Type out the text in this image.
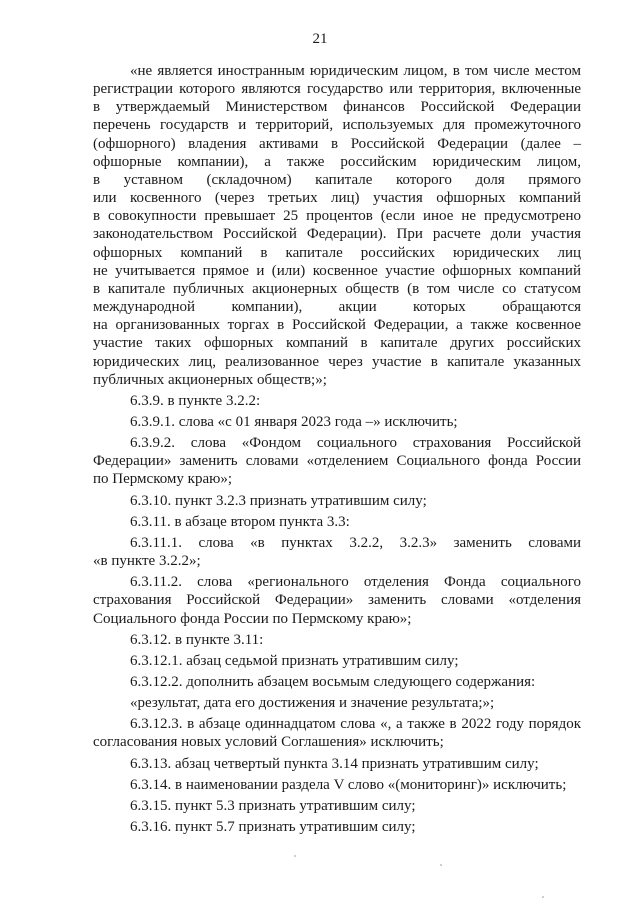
21

«не является иностранным юридическим лицом, в том числе местом

регистрации которого являются государство или территория, включенные

в утверждаемый Министерством финансов Российской Федерации

перечень государств и территорий, используемых для промежуточного

(офшорного) владения активами в Российской Федерации (далее –

офшорные компании), а также российским юридическим лицом,

в уставном (складочном) капитале которого доля прямого

или косвенного (через третьих лиц) участия офшорных компаний

в совокупности превышает 25 процентов (если иное не предусмотрено

законодательством Российской Федерации). При расчете доли участия

офшорных компаний в капитале российских юридических лиц

не учитывается прямое и (или) косвенное участие офшорных компаний

в капитале публичных акционерных обществ (в том числе со статусом

международной компании), акции которых обращаются

на организованных торгах в Российской Федерации, а также косвенное

участие таких офшорных компаний в капитале других российских

юридических лиц, реализованное через участие в капитале указанных

публичных акционерных обществ;»;

6.3.9. в пункте 3.2.2:

6.3.9.1. слова «с 01 января 2023 года –» исключить;

6.3.9.2. слова «Фондом социального страхования Российской

Федерации» заменить словами «отделением Социального фонда России

по Пермскому краю»;

6.3.10. пункт 3.2.3 признать утратившим силу;

6.3.11. в абзаце втором пункта 3.3:

6.3.11.1. слова «в пунктах 3.2.2, 3.2.3» заменить словами

«в пункте 3.2.2»;

6.3.11.2. слова «регионального отделения Фонда социального

страхования Российской Федерации» заменить словами «отделения

Социального фонда России по Пермскому краю»;

6.3.12. в пункте 3.11:

6.3.12.1. абзац седьмой признать утратившим силу;

6.3.12.2. дополнить абзацем восьмым следующего содержания:

«результат, дата его достижения и значение результата;»;

6.3.12.3. в абзаце одиннадцатом слова «, а также в 2022 году порядок

согласования новых условий Соглашения» исключить;

6.3.13. абзац четвертый пункта 3.14 признать утратившим силу;

6.3.14. в наименовании раздела V слово «(мониторинг)» исключить;

6.3.15. пункт 5.3 признать утратившим силу;

6.3.16. пункт 5.7 признать утратившим силу;
